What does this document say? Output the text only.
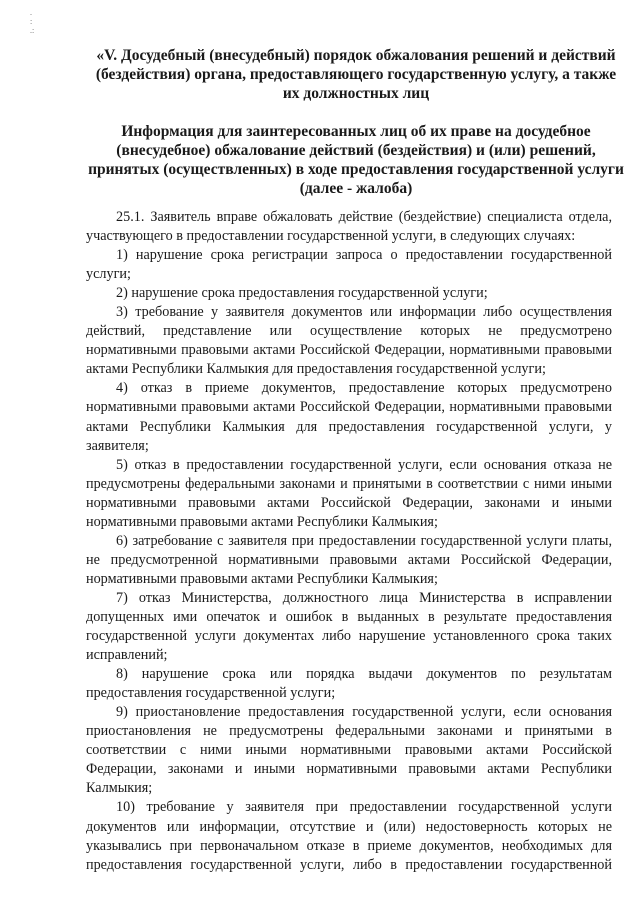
.
:
.:
«V. Досудебный (внесудебный) порядок обжалования решений и действий (бездействия) органа, предоставляющего государственную услугу, а также их должностных лиц
Информация для заинтересованных лиц об их праве на досудебное (внесудебное) обжалование действий (бездействия) и (или) решений, принятых (осуществленных) в ходе предоставления государственной услуги (далее - жалоба)

25.1. Заявитель вправе обжаловать действие (бездействие) специалиста отдела, участвующего в предоставлении государственной услуги, в следующих случаях:

1) нарушение срока регистрации запроса о предоставлении государственной услуги;

2) нарушение срока предоставления государственной услуги;

3) требование у заявителя документов или информации либо осуществления действий, представление или осуществление которых не предусмотрено нормативными правовыми актами Российской Федерации, нормативными правовыми актами Республики Калмыкия для предоставления государственной услуги;

4) отказ в приеме документов, предоставление которых предусмотрено нормативными правовыми актами Российской Федерации, нормативными правовыми актами Республики Калмыкия для предоставления государственной услуги, у заявителя;

5) отказ в предоставлении государственной услуги, если основания отказа не предусмотрены федеральными законами и принятыми в соответствии с ними иными нормативными правовыми актами Российской Федерации, законами и иными нормативными правовыми актами Республики Калмыкия;

6) затребование с заявителя при предоставлении государственной услуги платы, не предусмотренной нормативными правовыми актами Российской Федерации, нормативными правовыми актами Республики Калмыкия;

7) отказ Министерства, должностного лица Министерства в исправлении допущенных ими опечаток и ошибок в выданных в результате предоставления государственной услуги документах либо нарушение установленного срока таких исправлений;

8) нарушение срока или порядка выдачи документов по результатам предоставления государственной услуги;

9) приостановление предоставления государственной услуги, если основания приостановления не предусмотрены федеральными законами и принятыми в соответствии с ними иными нормативными правовыми актами Российской Федерации, законами и иными нормативными правовыми актами Республики Калмыкия;

10) требование у заявителя при предоставлении государственной услуги документов или информации, отсутствие и (или) недостоверность которых не указывались при первоначальном отказе в приеме документов, необходимых для предоставления государственной услуги, либо в предоставлении государственной
